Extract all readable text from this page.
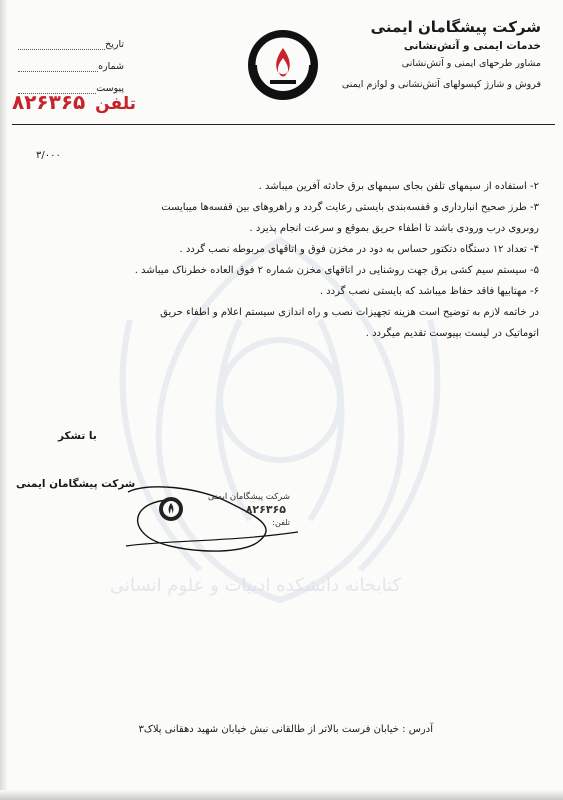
شرکت پیشگامان ایمنی
خدمات ایمنی و آتش‌نشانی
مشاور طرحهای ایمنی و آتش‌نشانی
فروش و شارژ کپسولهای آتش‌نشانی و لوازم ایمنی
تاریخ
شماره
پیوست
تلفن ۸۲۶۳۶۵
۳/۰۰۰

۲- استفاده از سیمهای تلفن بجای سیمهای برق حادثه آفرین میباشد .

۳- طرز صحیح انبارداری و قفسه‌بندی بایستی رعایت گردد و راهروهای بین قفسه‌ها میبایست

روبروی درب ورودی باشد تا اطفاء حریق بموقع و سرعت انجام پذیرد .

۴- تعداد ۱۲ دستگاه دتکتور حساس به دود در مخزن فوق و اتاقهای مربوطه نصب گردد .

۵- سیستم سیم کشی برق جهت روشنایی در اتاقهای مخزن شماره ۲ فوق العاده خطرناک میباشد .

۶- مهتابیها فاقد حفاظ میباشد که بایستی نصب گردد .

در خاتمه لازم به توضیح است هزینه تجهیزات نصب و راه اندازی سیستم اعلام و اطفاء حریق

اتوماتیک در لیست بپیوست تقدیم میگردد .

با تشکر
شرکت پیشگامان ایمنی
شرکت پیشگامان ایمنی
۸۲۶۳۶۵
تلفن:
کتابخانه دانشکده ادبیات و علوم انسانی
آدرس : خیابان فرست بالاتر از طالقانی نبش خیابان شهید دهقانی پلاک۳
